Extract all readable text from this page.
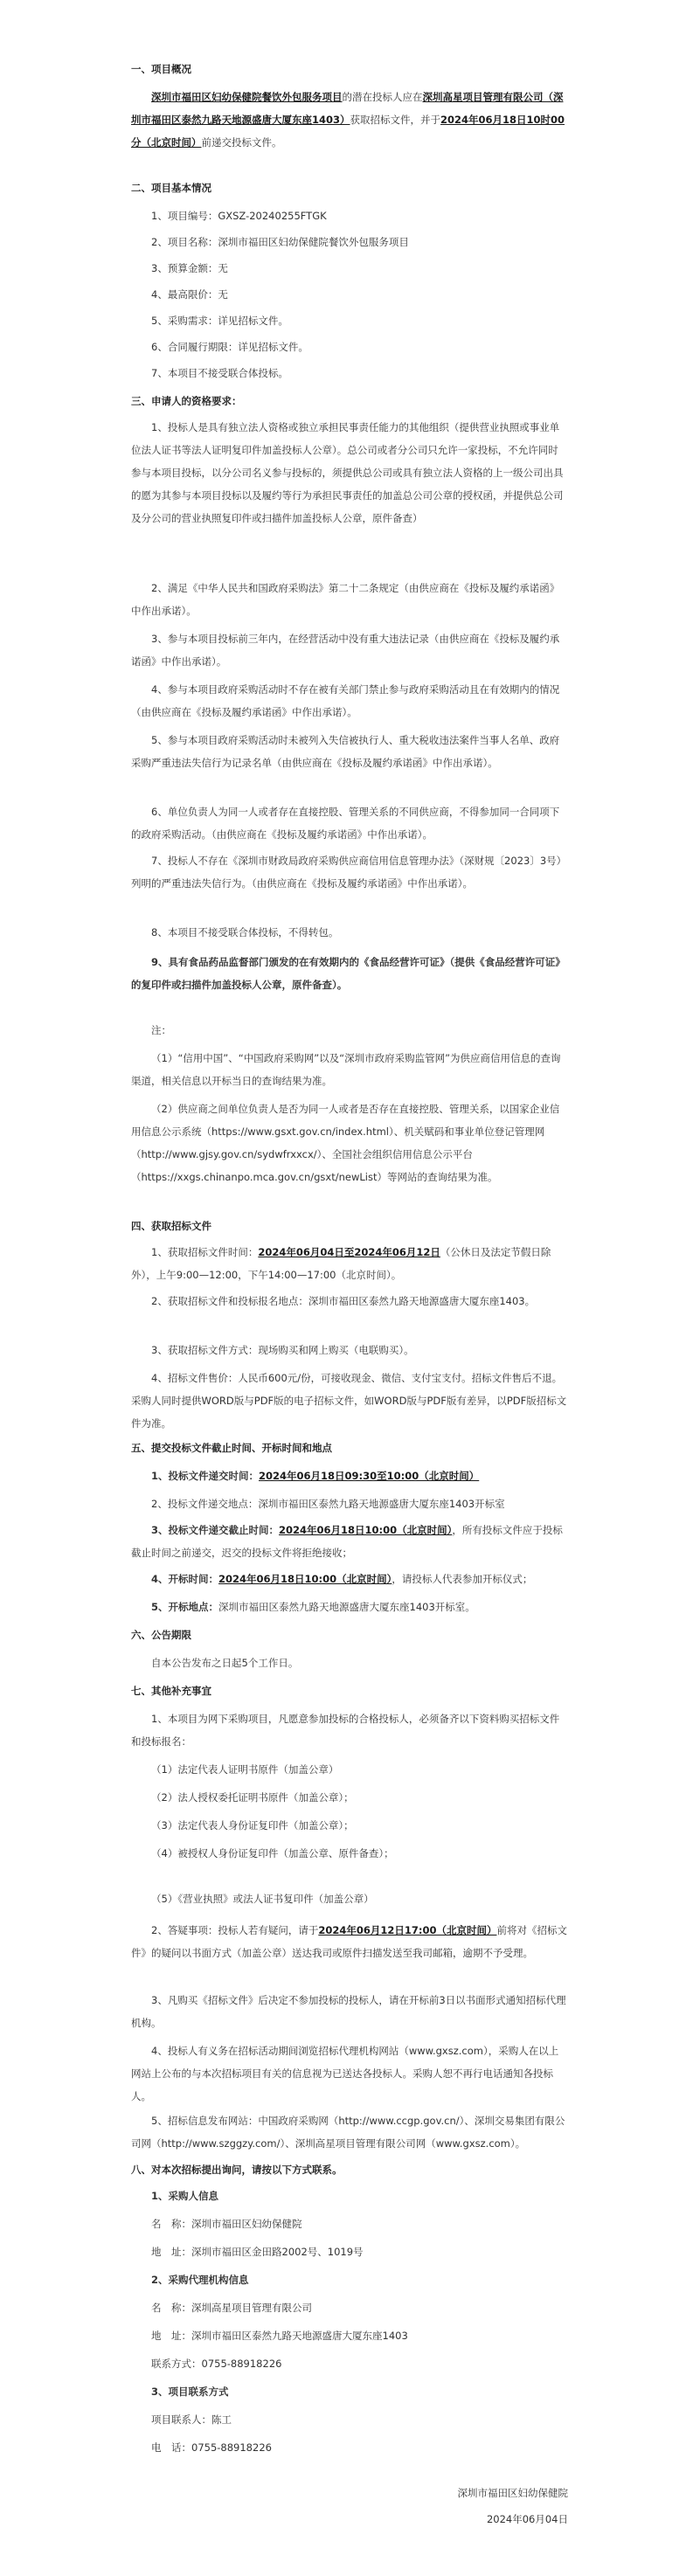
一、项目概况

深圳市福田区妇幼保健院餐饮外包服务项目的潜在投标人应在深圳高星项目管理有限公司（深圳市福田区泰然九路天地源盛唐大厦东座1403）获取招标文件，并于2024年06月18日10时00分（北京时间）前递交投标文件。

二、项目基本情况

1、项目编号：GXSZ-20240255FTGK

2、项目名称：深圳市福田区妇幼保健院餐饮外包服务项目

3、预算金额：无

4、最高限价：无

5、采购需求：详见招标文件。

6、合同履行期限：详见招标文件。

7、本项目不接受联合体投标。

三、申请人的资格要求：

1、投标人是具有独立法人资格或独立承担民事责任能力的其他组织（提供营业执照或事业单位法人证书等法人证明复印件加盖投标人公章）。总公司或者分公司只允许一家投标，不允许同时参与本项目投标，以分公司名义参与投标的，须提供总公司或具有独立法人资格的上一级公司出具的愿为其参与本项目投标以及履约等行为承担民事责任的加盖总公司公章的授权函，并提供总公司及分公司的营业执照复印件或扫描件加盖投标人公章，原件备查）

2、满足《中华人民共和国政府采购法》第二十二条规定（由供应商在《投标及履约承诺函》中作出承诺）。

3、参与本项目投标前三年内，在经营活动中没有重大违法记录（由供应商在《投标及履约承诺函》中作出承诺）。

4、参与本项目政府采购活动时不存在被有关部门禁止参与政府采购活动且在有效期内的情况（由供应商在《投标及履约承诺函》中作出承诺）。

5、参与本项目政府采购活动时未被列入失信被执行人、重大税收违法案件当事人名单、政府采购严重违法失信行为记录名单（由供应商在《投标及履约承诺函》中作出承诺）。

6、单位负责人为同一人或者存在直接控股、管理关系的不同供应商，不得参加同一合同项下的政府采购活动。（由供应商在《投标及履约承诺函》中作出承诺）。

7、投标人不存在《深圳市财政局政府采购供应商信用信息管理办法》（深财规〔2023〕3号）列明的严重违法失信行为。（由供应商在《投标及履约承诺函》中作出承诺）。

8、本项目不接受联合体投标，不得转包。

9、具有食品药品监督部门颁发的在有效期内的《食品经营许可证》（提供《食品经营许可证》的复印件或扫描件加盖投标人公章，原件备查）。

注：

（1）“信用中国”、“中国政府采购网”以及“深圳市政府采购监管网”为供应商信用信息的查询渠道，相关信息以开标当日的查询结果为准。

（2）供应商之间单位负责人是否为同一人或者是否存在直接控股、管理关系，以国家企业信用信息公示系统（https://www.gsxt.gov.cn/index.html）、机关赋码和事业单位登记管理网（http://www.gjsy.gov.cn/sydwfrxxcx/）、全国社会组织信用信息公示平台（https://xxgs.chinanpo.mca.gov.cn/gsxt/newList）等网站的查询结果为准。

四、获取招标文件

1、获取招标文件时间：2024年06月04日至2024年06月12日（公休日及法定节假日除外），上午9:00—12:00，下午14:00—17:00（北京时间）。

2、获取招标文件和投标报名地点：深圳市福田区泰然九路天地源盛唐大厦东座1403。

3、获取招标文件方式：现场购买和网上购买（电联购买）。

4、招标文件售价：人民币600元/份，可接收现金、微信、支付宝支付。招标文件售后不退。采购人同时提供WORD版与PDF版的电子招标文件，如WORD版与PDF版有差异，以PDF版招标文件为准。

五、提交投标文件截止时间、开标时间和地点

1、投标文件递交时间：2024年06月18日09:30至10:00（北京时间）

2、投标文件递交地点：深圳市福田区泰然九路天地源盛唐大厦东座1403开标室

3、投标文件递交截止时间：2024年06月18日10:00（北京时间），所有投标文件应于投标截止时间之前递交，迟交的投标文件将拒绝接收；

4、开标时间：2024年06月18日10:00（北京时间），请投标人代表参加开标仪式；

5、开标地点：深圳市福田区泰然九路天地源盛唐大厦东座1403开标室。

六、公告期限

自本公告发布之日起5个工作日。

七、其他补充事宜

1、本项目为网下采购项目，凡愿意参加投标的合格投标人，必须备齐以下资料购买招标文件和投标报名：

（1）法定代表人证明书原件（加盖公章）

（2）法人授权委托证明书原件（加盖公章）；

（3）法定代表人身份证复印件（加盖公章）；

（4）被授权人身份证复印件（加盖公章、原件备查）；

（5）《营业执照》或法人证书复印件（加盖公章）

2、答疑事项：投标人若有疑问，请于2024年06月12日17:00（北京时间）前将对《招标文件》的疑问以书面方式（加盖公章）送达我司或原件扫描发送至我司邮箱，逾期不予受理。

3、凡购买《招标文件》后决定不参加投标的投标人，请在开标前3日以书面形式通知招标代理机构。

4、投标人有义务在招标活动期间浏览招标代理机构网站（www.gxsz.com），采购人在以上网站上公布的与本次招标项目有关的信息视为已送达各投标人。采购人恕不再行电话通知各投标人。

5、招标信息发布网站：中国政府采购网（http://www.ccgp.gov.cn/）、深圳交易集团有限公司网（http://www.szggzy.com/）、深圳高星项目管理有限公司网（www.gxsz.com）。

八、对本次招标提出询问，请按以下方式联系。

1、采购人信息

名　称：深圳市福田区妇幼保健院

地　址：深圳市福田区金田路2002号、1019号

2、采购代理机构信息

名　称：深圳高星项目管理有限公司

地　址：深圳市福田区泰然九路天地源盛唐大厦东座1403

联系方式：0755-88918226

3、项目联系方式

项目联系人：陈工

电　话：0755-88918226

深圳市福田区妇幼保健院

2024年06月04日
